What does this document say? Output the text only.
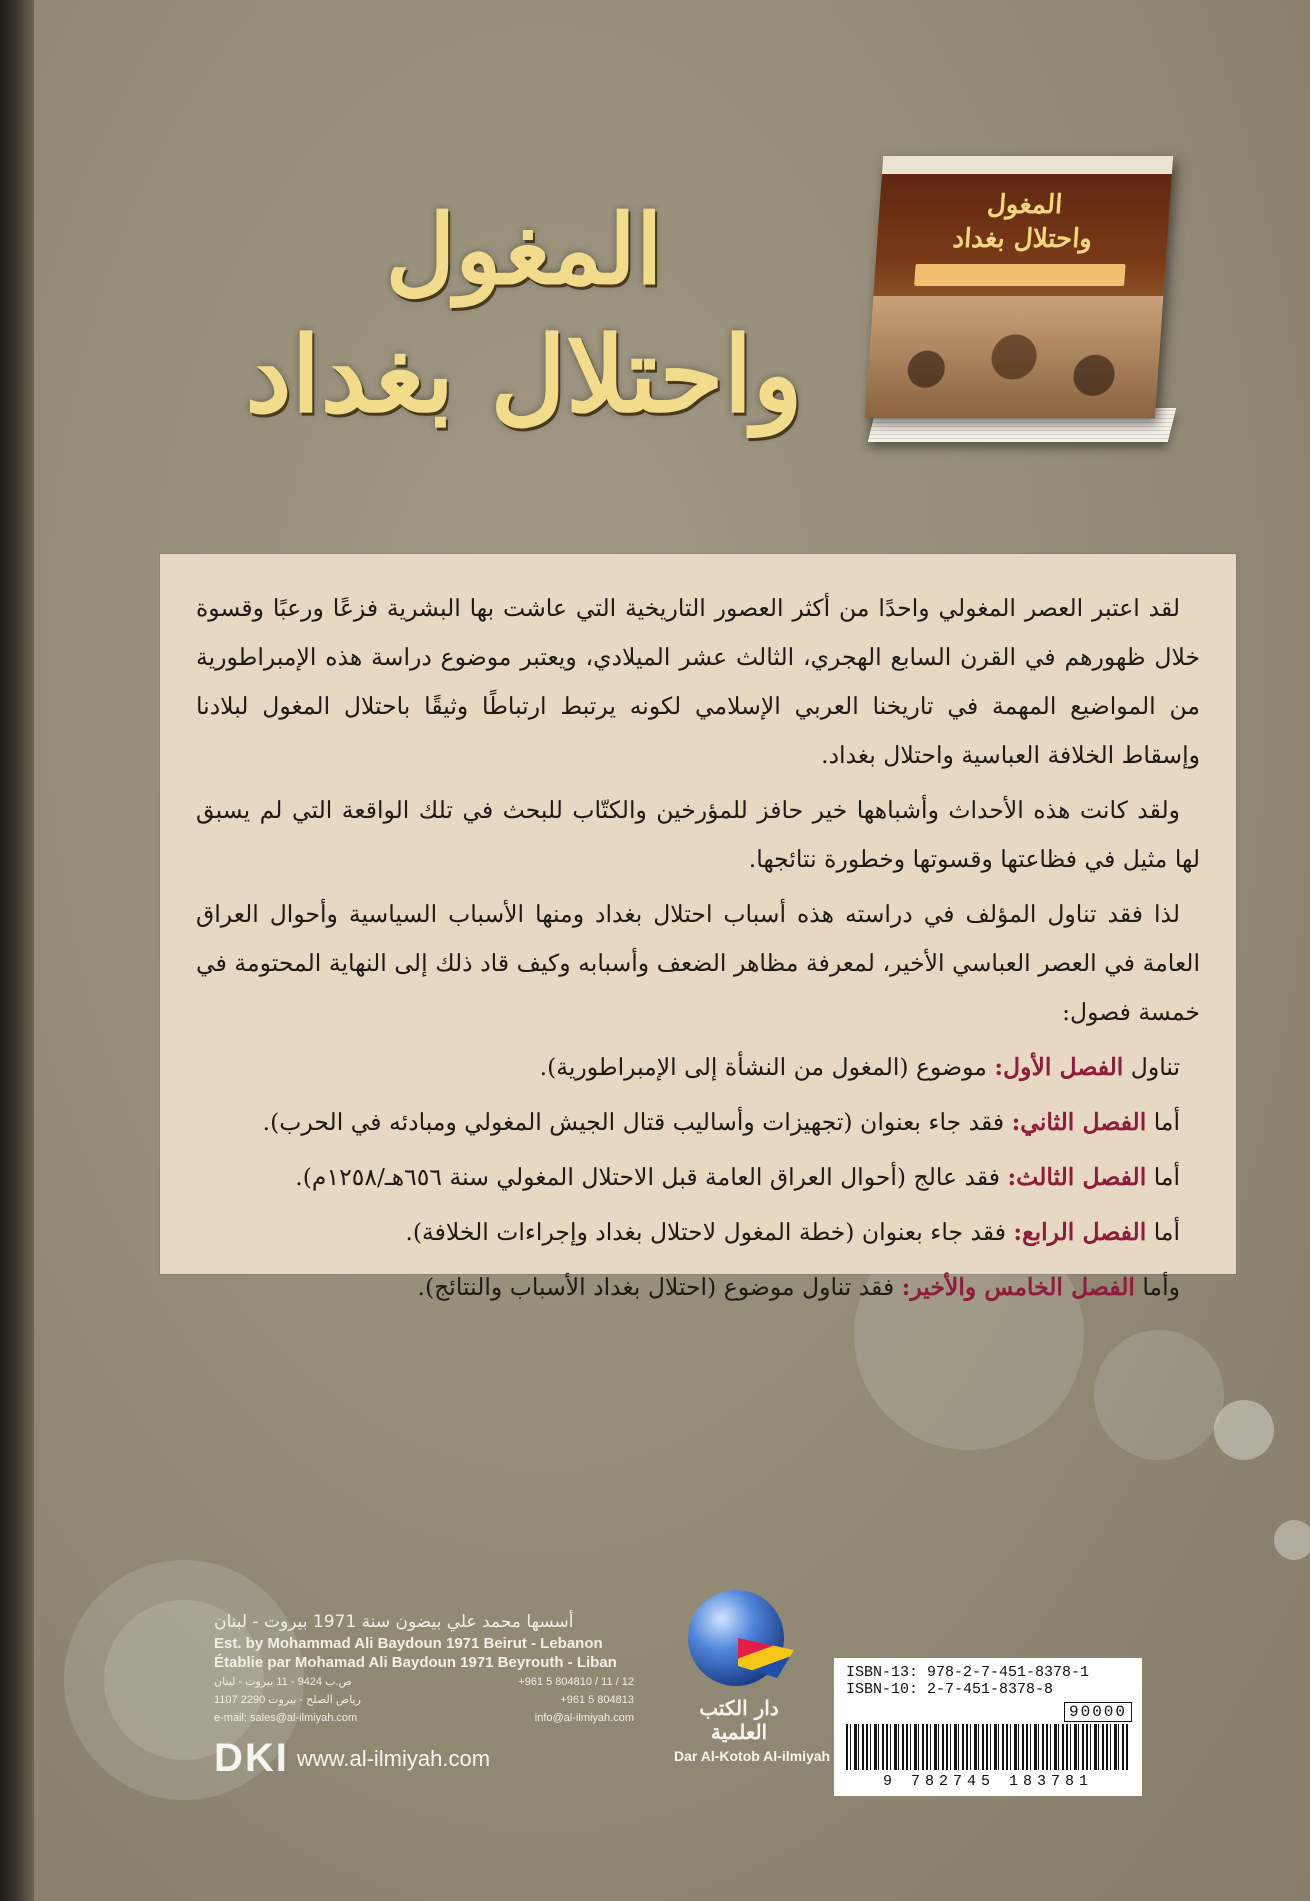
المغول
واحتلال بغداد
المغول
واحتلال بغداد

لقد اعتبر العصر المغولي واحدًا من أكثر العصور التاريخية التي عاشت بها البشرية فزعًا ورعبًا وقسوة خلال ظهورهم في القرن السابع الهجري، الثالث عشر الميلادي، ويعتبر موضوع دراسة هذه الإمبراطورية من المواضيع المهمة في تاريخنا العربي الإسلامي لكونه يرتبط ارتباطًا وثيقًا باحتلال المغول لبلادنا وإسقاط الخلافة العباسية واحتلال بغداد.

ولقد كانت هذه الأحداث وأشباهها خير حافز للمؤرخين والكتّاب للبحث في تلك الواقعة التي لم يسبق لها مثيل في فظاعتها وقسوتها وخطورة نتائجها.

لذا فقد تناول المؤلف في دراسته هذه أسباب احتلال بغداد ومنها الأسباب السياسية وأحوال العراق العامة في العصر العباسي الأخير، لمعرفة مظاهر الضعف وأسبابه وكيف قاد ذلك إلى النهاية المحتومة في خمسة فصول:

تناول الفصل الأول: موضوع (المغول من النشأة إلى الإمبراطورية).

أما الفصل الثاني: فقد جاء بعنوان (تجهيزات وأساليب قتال الجيش المغولي ومبادئه في الحرب).

أما الفصل الثالث: فقد عالج (أحوال العراق العامة قبل الاحتلال المغولي سنة ٦٥٦هـ/١٢٥٨م).

أما الفصل الرابع: فقد جاء بعنوان (خطة المغول لاحتلال بغداد وإجراءات الخلافة).

وأما الفصل الخامس والأخير: فقد تناول موضوع (احتلال بغداد الأسباب والنتائج).

أسسها محمد علي بيضون سنة 1971 بيروت - لبنان
Est. by Mohammad Ali Baydoun 1971 Beirut - Lebanon
Établie par Mohamad Ali Baydoun 1971 Beyrouth - Liban
ص.ب 9424 - 11 بيروت - لبنان	+961 5 804810 / 11 / 12
رياض الصلح - بيروت 2290 1107	+961 5 804813
e-mail: sales@al-ilmiyah.com	info@al-ilmiyah.com
DKI www.al-ilmiyah.com
دار الكتب العلمية
Dar Al-Kotob Al-ilmiyah
ISBN-13: 978-2-7-451-8378-1
ISBN-10: 2-7-451-8378-8
90000
9 782745 183781
